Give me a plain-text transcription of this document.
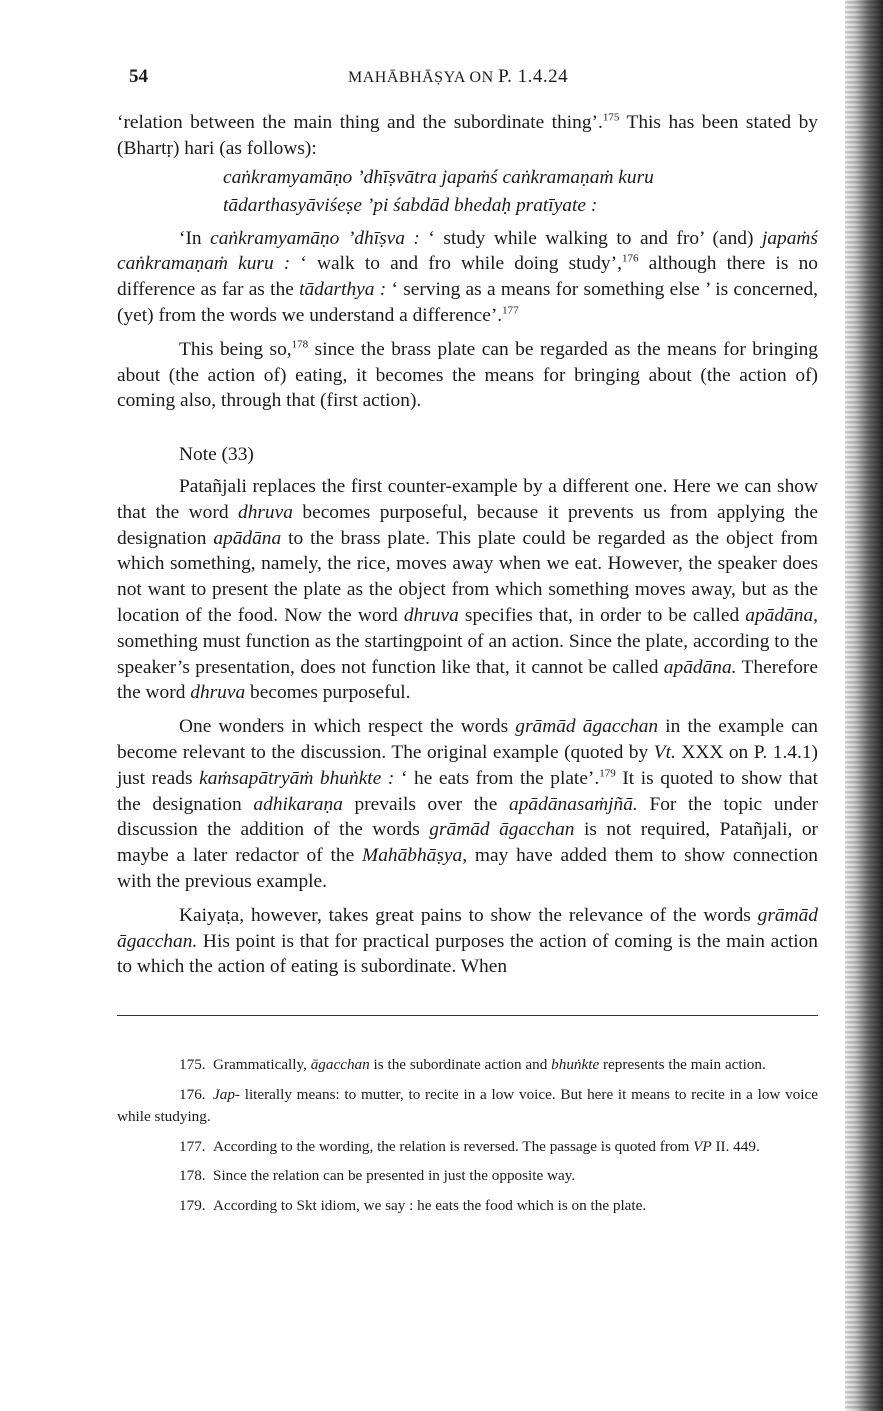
54	MAHĀBHĀṢYA ON P. 1.4.24

‘relation between the main thing and the subordinate thing’.$^{175}$ This has been stated by (Bhartṛ) hari (as follows):

caṅkramyamāṇo ’dhīṣvātra japaṁś caṅkramaṇaṁ kuru
tādarthasyāviśeṣe ’pi śabdād bhedaḥ pratīyate :

‘In caṅkramyamāṇo ’dhīṣva : ‘ study while walking to and fro’ (and) japaṁś caṅkramaṇaṁ kuru : ‘ walk to and fro while doing study’,$^{176}$ although there is no difference as far as the tādarthya : ‘ serving as a means for something else ’ is concerned, (yet) from the words we understand a difference’.$^{177}$

This being so,$^{178}$ since the brass plate can be regarded as the means for bringing about (the action of) eating, it becomes the means for bringing about (the action of) coming also, through that (first action).

Note (33)

Patañjali replaces the first counter-example by a different one. Here we can show that the word dhruva becomes purposeful, because it prevents us from applying the designation apādāna to the brass plate. This plate could be regarded as the object from which something, namely, the rice, moves away when we eat. However, the speaker does not want to present the plate as the object from which something moves away, but as the location of the food. Now the word dhruva specifies that, in order to be called apādāna, something must function as the startingpoint of an action. Since the plate, according to the speaker’s presentation, does not function like that, it cannot be called apādāna. Therefore the word dhruva becomes purposeful.

One wonders in which respect the words grāmād āgacchan in the example can become relevant to the discussion. The original example (quoted by Vt. XXX on P. 1.4.1) just reads kaṁsapātryāṁ bhuṅkte : ‘ he eats from the plate’.$^{179}$ It is quoted to show that the designation adhikaraṇa prevails over the apādānasaṁjñā. For the topic under discussion the addition of the words grāmād āgacchan is not required, Patañjali, or maybe a later redactor of the Mahābhāṣya, may have added them to show connection with the previous example.

Kaiyaṭa, however, takes great pains to show the relevance of the words grāmād āgacchan. His point is that for practical purposes the action of coming is the main action to which the action of eating is subordinate. When

175. Grammatically, āgacchan is the subordinate action and bhuṅkte represents the main action.
176. Jap- literally means: to mutter, to recite in a low voice. But here it means to recite in a low voice while studying.
177. According to the wording, the relation is reversed. The passage is quoted from VP II. 449.
178. Since the relation can be presented in just the opposite way.
179. According to Skt idiom, we say : he eats the food which is on the plate.
